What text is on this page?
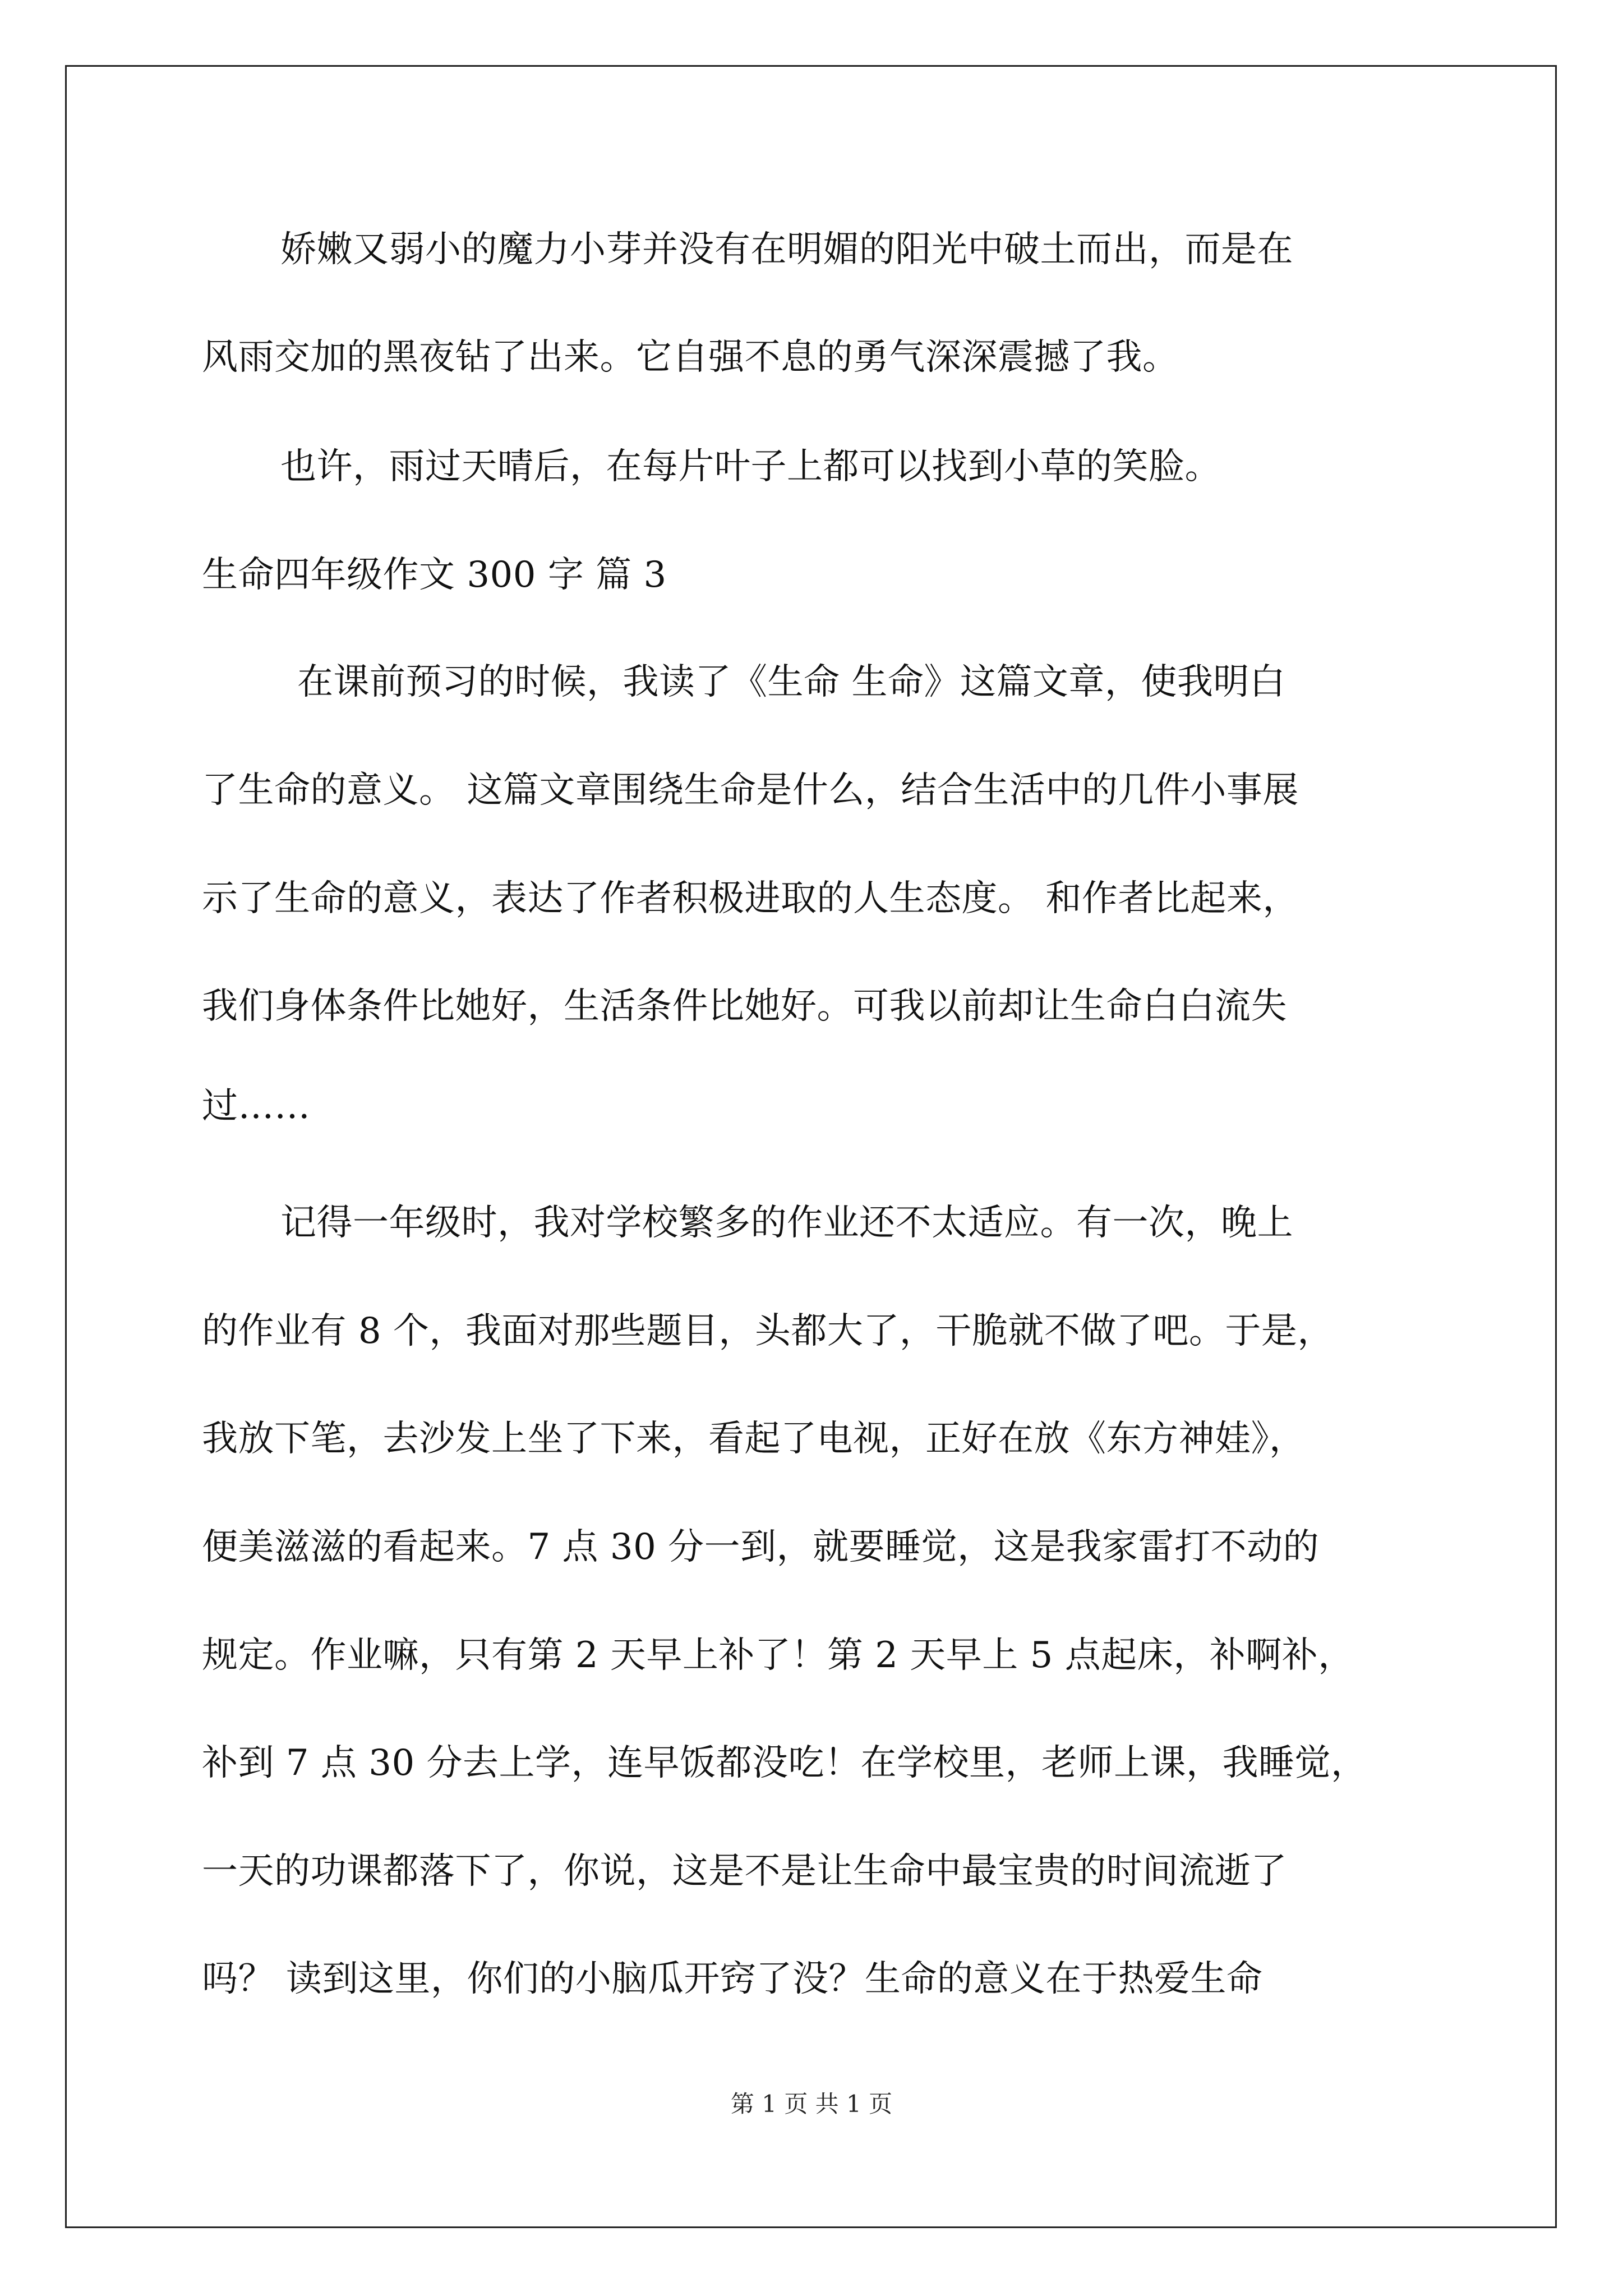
娇嫩又弱小的魔力小芽并没有在明媚的阳光中破土而出，而是在
风雨交加的黑夜钻了出来。它自强不息的勇气深深震撼了我。
也许，雨过天晴后，在每片叶子上都可以找到小草的笑脸。
生命四年级作文 300 字 篇 3
在课前预习的时候，我读了《生命 生命》这篇文章，使我明白
了生命的意义。 这篇文章围绕生命是什么，结合生活中的几件小事展
示了生命的意义，表达了作者积极进取的人生态度。 和作者比起来，
我们身体条件比她好，生活条件比她好。可我以前却让生命白白流失
过……
记得一年级时，我对学校繁多的作业还不太适应。有一次，晚上
的作业有 8 个，我面对那些题目，头都大了，干脆就不做了吧。于是，
我放下笔，去沙发上坐了下来，看起了电视，正好在放《东方神娃》，
便美滋滋的看起来。7 点 30 分一到，就要睡觉，这是我家雷打不动的
规定。作业嘛，只有第 2 天早上补了！第 2 天早上 5 点起床，补啊补，
补到 7 点 30 分去上学，连早饭都没吃！在学校里，老师上课，我睡觉，
一天的功课都落下了，你说，这是不是让生命中最宝贵的时间流逝了
吗？ 读到这里，你们的小脑瓜开窍了没？生命的意义在于热爱生命
第 1 页 共 1 页
